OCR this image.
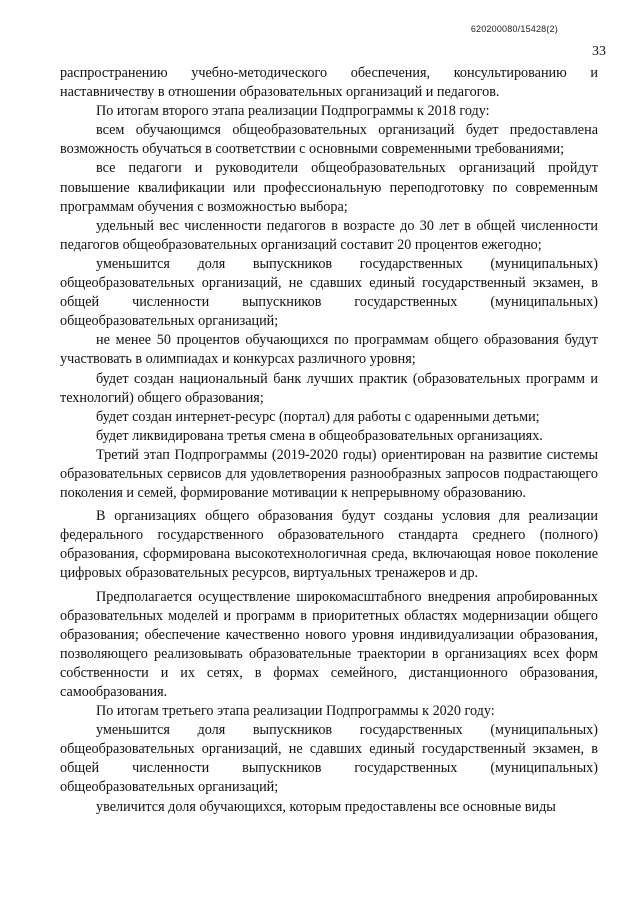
620200080/15428(2)
33

распространению учебно-методического обеспечения, консультированию и наставничеству в отношении образовательных организаций и педагогов.

По итогам второго этапа реализации Подпрограммы к 2018 году:

всем обучающимся общеобразовательных организаций будет предоставлена возможность обучаться в соответствии с основными современными требованиями;

все педагоги и руководители общеобразовательных организаций пройдут повышение квалификации или профессиональную переподготовку по современным программам обучения с возможностью выбора;

удельный вес численности педагогов в возрасте до 30 лет в общей численности педагогов общеобразовательных организаций составит 20 процентов ежегодно;

уменьшится доля выпускников государственных (муниципальных) общеобразовательных организаций, не сдавших единый государственный экзамен, в общей численности выпускников государственных (муниципальных) общеобразовательных организаций;

не менее 50 процентов обучающихся по программам общего образования будут участвовать в олимпиадах и конкурсах различного уровня;

будет создан национальный банк лучших практик (образовательных программ и технологий) общего образования;

будет создан интернет-ресурс (портал) для работы с одаренными детьми;

будет ликвидирована третья смена в общеобразовательных организациях.

Третий этап Подпрограммы (2019-2020 годы) ориентирован на развитие системы образовательных сервисов для удовлетворения разнообразных запросов подрастающего поколения и семей, формирование мотивации к непрерывному образованию.

В организациях общего образования будут созданы условия для реализации федерального государственного образовательного стандарта среднего (полного) образования, сформирована высокотехнологичная среда, включающая новое поколение цифровых образовательных ресурсов, виртуальных тренажеров и др.

Предполагается осуществление широкомасштабного внедрения апробированных образовательных моделей и программ в приоритетных областях модернизации общего образования; обеспечение качественно нового уровня индивидуализации образования, позволяющего реализовывать образовательные траектории в организациях всех форм собственности и их сетях, в формах семейного, дистанционного образования, самообразования.

По итогам третьего этапа реализации Подпрограммы к 2020 году:

уменьшится доля выпускников государственных (муниципальных) общеобразовательных организаций, не сдавших единый государственный экзамен, в общей численности выпускников государственных (муниципальных) общеобразовательных организаций;

увеличится доля обучающихся, которым предоставлены все основные виды
